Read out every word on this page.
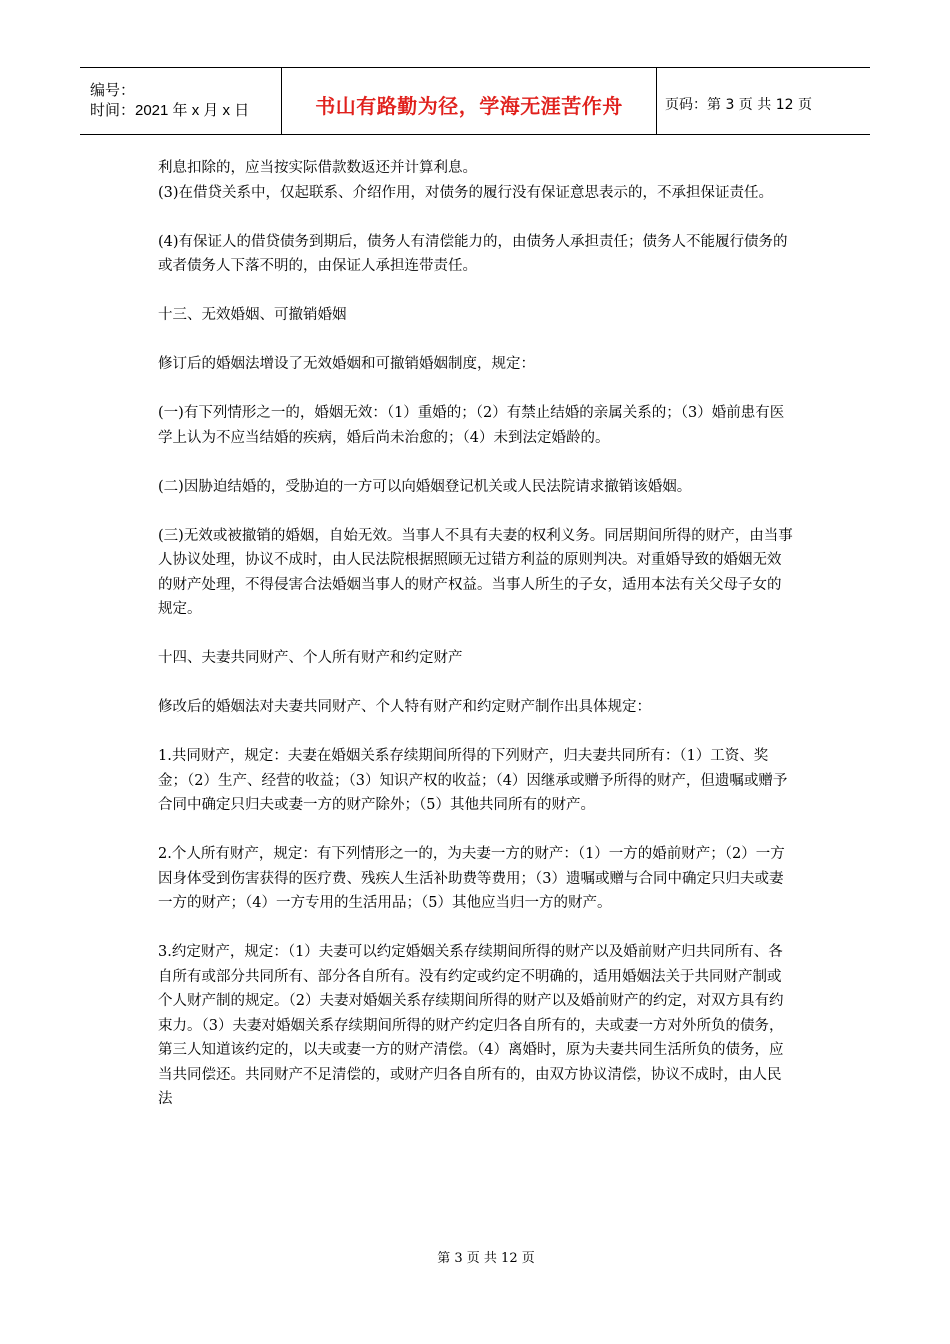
编号：
时间：2021 年 x 月 x 日	书山有路勤为径，学海无涯苦作舟	页码：第 3 页 共 12 页

利息扣除的，应当按实际借款数返还并计算利息。

(3)在借贷关系中，仅起联系、介绍作用，对债务的履行没有保证意思表示的，不承担保证责任。

(4)有保证人的借贷债务到期后，债务人有清偿能力的，由债务人承担责任；债务人不能履行债务的或者债务人下落不明的，由保证人承担连带责任。

十三、无效婚姻、可撤销婚姻

修订后的婚姻法增设了无效婚姻和可撤销婚姻制度，规定：

(一)有下列情形之一的，婚姻无效：（1）重婚的；（2）有禁止结婚的亲属关系的；（3）婚前患有医学上认为不应当结婚的疾病，婚后尚未治愈的；（4）未到法定婚龄的。

(二)因胁迫结婚的，受胁迫的一方可以向婚姻登记机关或人民法院请求撤销该婚姻。

(三)无效或被撤销的婚姻，自始无效。当事人不具有夫妻的权利义务。同居期间所得的财产，由当事人协议处理，协议不成时，由人民法院根据照顾无过错方利益的原则判决。对重婚导致的婚姻无效的财产处理，不得侵害合法婚姻当事人的财产权益。当事人所生的子女，适用本法有关父母子女的规定。

十四、夫妻共同财产、个人所有财产和约定财产

修改后的婚姻法对夫妻共同财产、个人特有财产和约定财产制作出具体规定：

1.共同财产，规定：夫妻在婚姻关系存续期间所得的下列财产，归夫妻共同所有：（1）工资、奖金；（2）生产、经营的收益；（3）知识产权的收益；（4）因继承或赠予所得的财产，但遗嘱或赠予合同中确定只归夫或妻一方的财产除外；（5）其他共同所有的财产。

2.个人所有财产，规定：有下列情形之一的，为夫妻一方的财产：（1）一方的婚前财产；（2）一方因身体受到伤害获得的医疗费、残疾人生活补助费等费用；（3）遗嘱或赠与合同中确定只归夫或妻一方的财产；（4）一方专用的生活用品；（5）其他应当归一方的财产。

3.约定财产，规定：（1）夫妻可以约定婚姻关系存续期间所得的财产以及婚前财产归共同所有、各自所有或部分共同所有、部分各自所有。没有约定或约定不明确的，适用婚姻法关于共同财产制或个人财产制的规定。（2）夫妻对婚姻关系存续期间所得的财产以及婚前财产的约定，对双方具有约束力。（3）夫妻对婚姻关系存续期间所得的财产约定归各自所有的，夫或妻一方对外所负的债务，第三人知道该约定的，以夫或妻一方的财产清偿。（4）离婚时，原为夫妻共同生活所负的债务，应当共同偿还。共同财产不足清偿的，或财产归各自所有的，由双方协议清偿，协议不成时，由人民法

第 3 页 共 12 页
